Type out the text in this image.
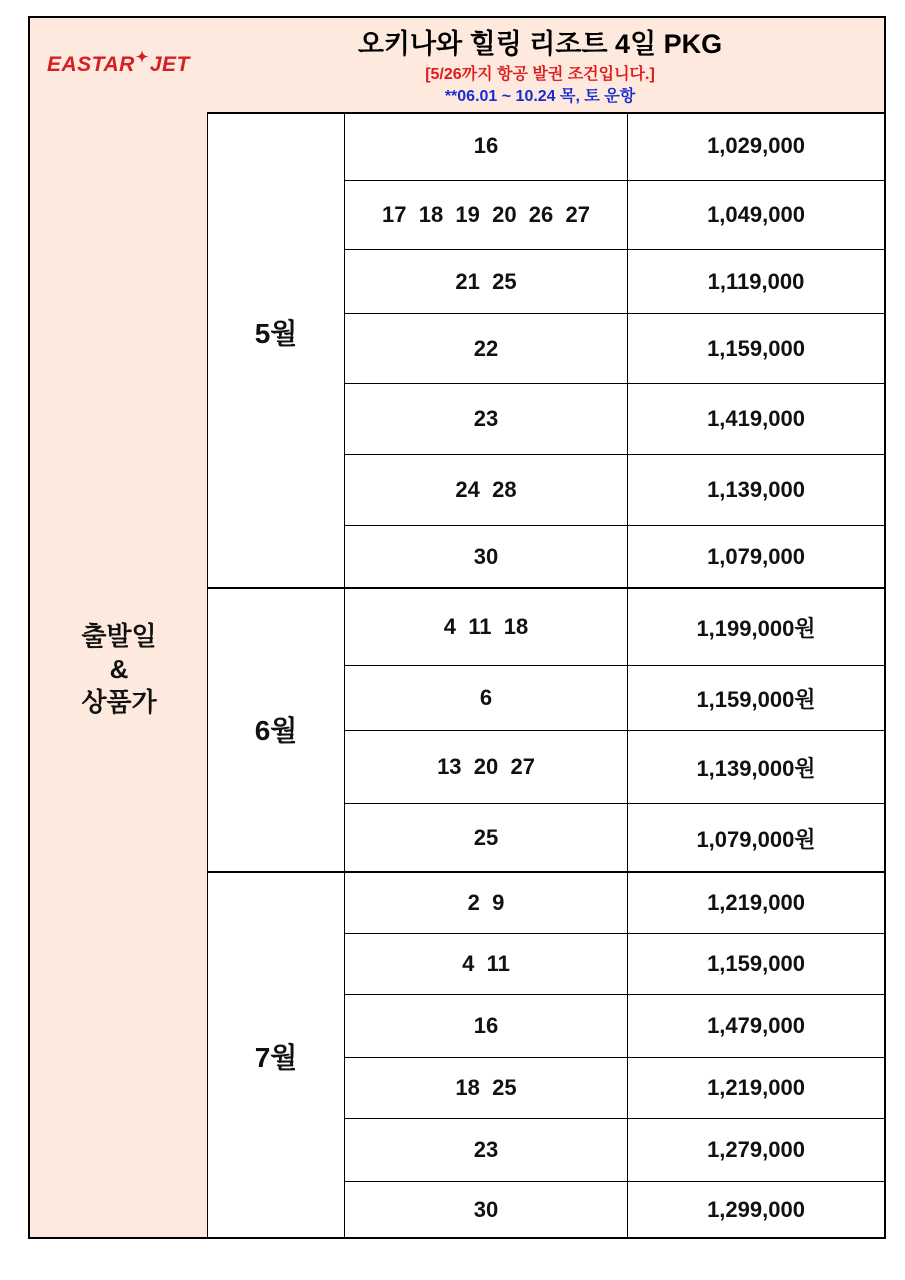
EASTAR✦JET
오키나와 힐링 리조트 4일 PKG
[5/26까지 항공 발권 조건입니다.]
**06.01 ~ 10.24 목, 토 운항
출발일
&
상품가
5월
16	1,029,000
17  18  19  20  26  27	1,049,000
21  25	1,119,000
22	1,159,000
23	1,419,000
24  28	1,139,000
30	1,079,000
6월
4  11  18	1,199,000원
6	1,159,000원
13  20  27	1,139,000원
25	1,079,000원
7월
2  9	1,219,000
4  11	1,159,000
16	1,479,000
18  25	1,219,000
23	1,279,000
30	1,299,000
